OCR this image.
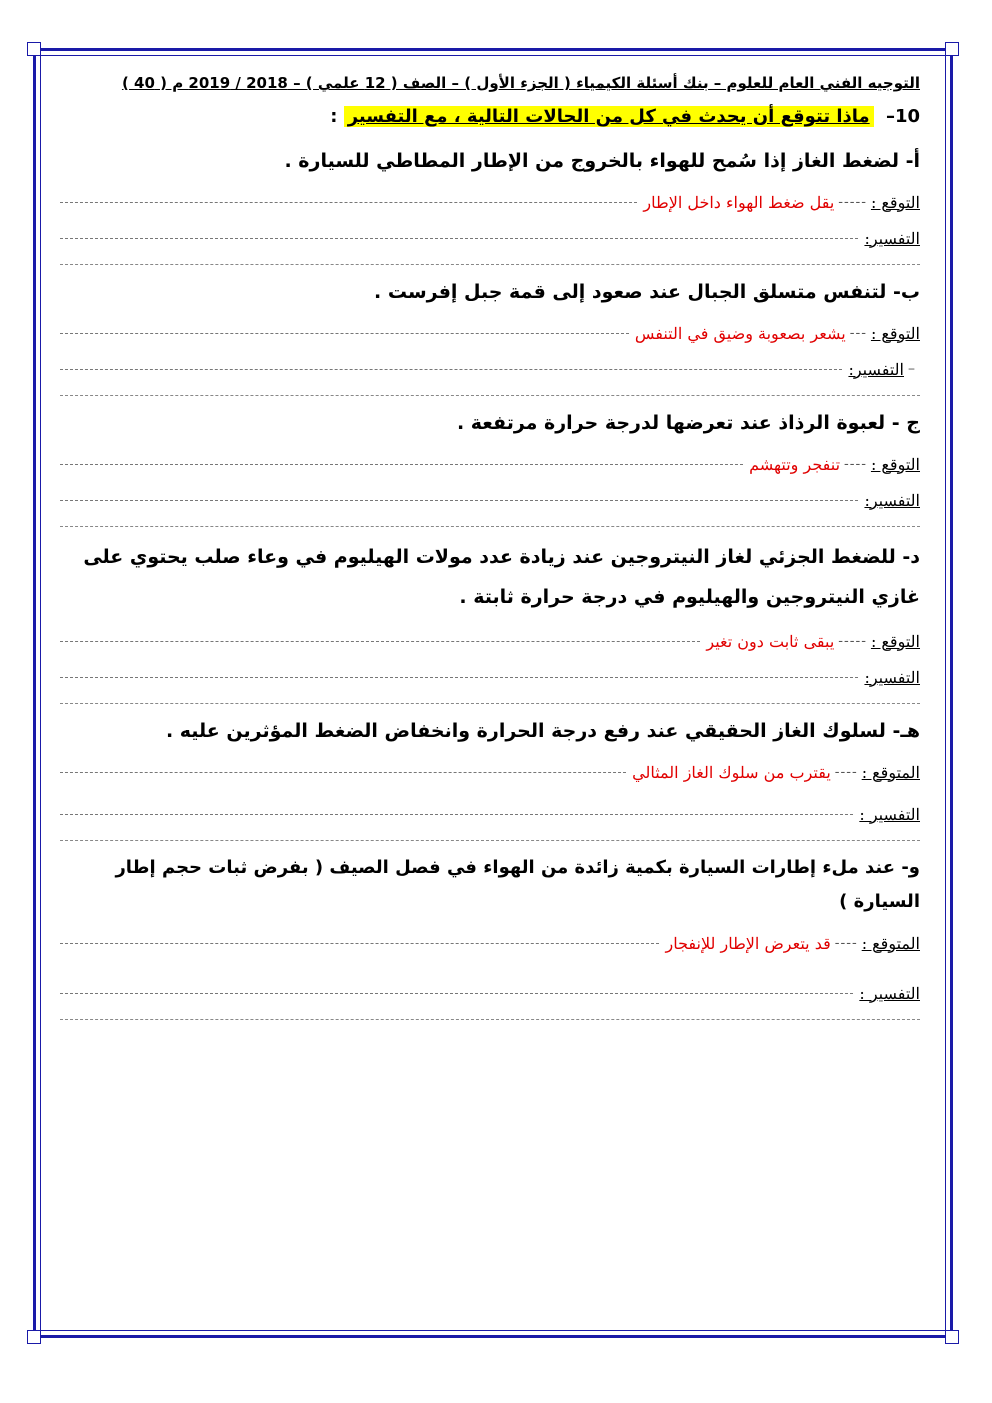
التوجيه الفني العام للعلوم – بنك أسئلة الكيمياء ( الجزء الأول ) – الصف ( 12 علمي ) – 2018 / 2019 م ( 40 )
10– ماذا تتوقع أن يحدث في كل من الحالات التالية ، مع التفسير :
أ- لضغط الغاز إذا سُمح للهواء بالخروج من الإطار المطاطي للسيارة .
التوقع :
-----
يقل ضغط الهواء داخل الإطار
التفسير:
ب- لتنفس متسلق الجبال عند صعود إلى قمة جبل إفرست .
التوقع :
---
يشعر بصعوبة وضيق في التنفس
–
التفسير:
ج - لعبوة الرذاذ عند تعرضها لدرجة حرارة مرتفعة .
التوقع :
----
تنفجر وتتهشم
التفسير:
د- للضغط الجزئي لغاز النيتروجين عند زيادة عدد مولات الهيليوم في وعاء صلب يحتوي على غازي النيتروجين والهيليوم في درجة حرارة ثابتة .
التوقع :
-----
يبقى ثابت دون تغير
التفسير:
هـ- لسلوك الغاز الحقيقي عند رفع درجة الحرارة وانخفاض الضغط المؤثرين عليه .
المتوقع :
----
يقترب من سلوك الغاز المثالي
التفسير :
و- عند ملء إطارات السيارة بكمية زائدة من الهواء في فصل الصيف ( بفرض ثبات حجم إطار السيارة )
المتوقع :
----
قد يتعرض الإطار للإنفجار
التفسير :
